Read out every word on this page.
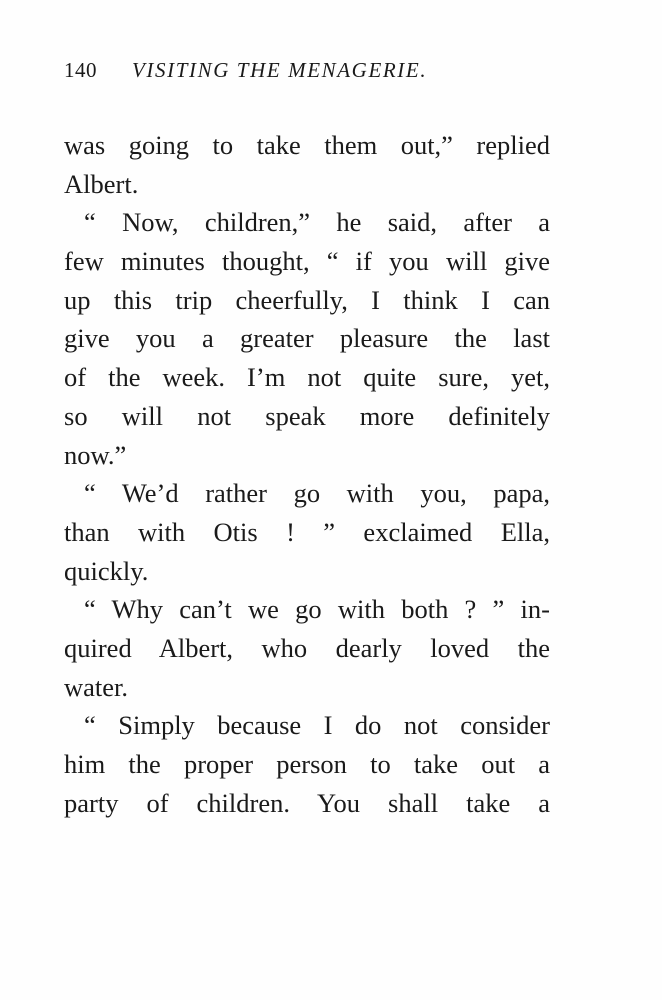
140 VISITING THE MENAGERIE.
was going to take them out,” replied
Albert.
“ Now, children,” he said, after a
few minutes thought, “ if you will give
up this trip cheerfully, I think I can
give you a greater pleasure the last
of the week. I’m not quite sure, yet,
so will not speak more definitely
now.”
“ We’d rather go with you, papa,
than with Otis ! ” exclaimed Ella,
quickly.
“ Why can’t we go with both ? ” in-
quired Albert, who dearly loved the
water.
“ Simply because I do not consider
him the proper person to take out a
party of children. You shall take a
